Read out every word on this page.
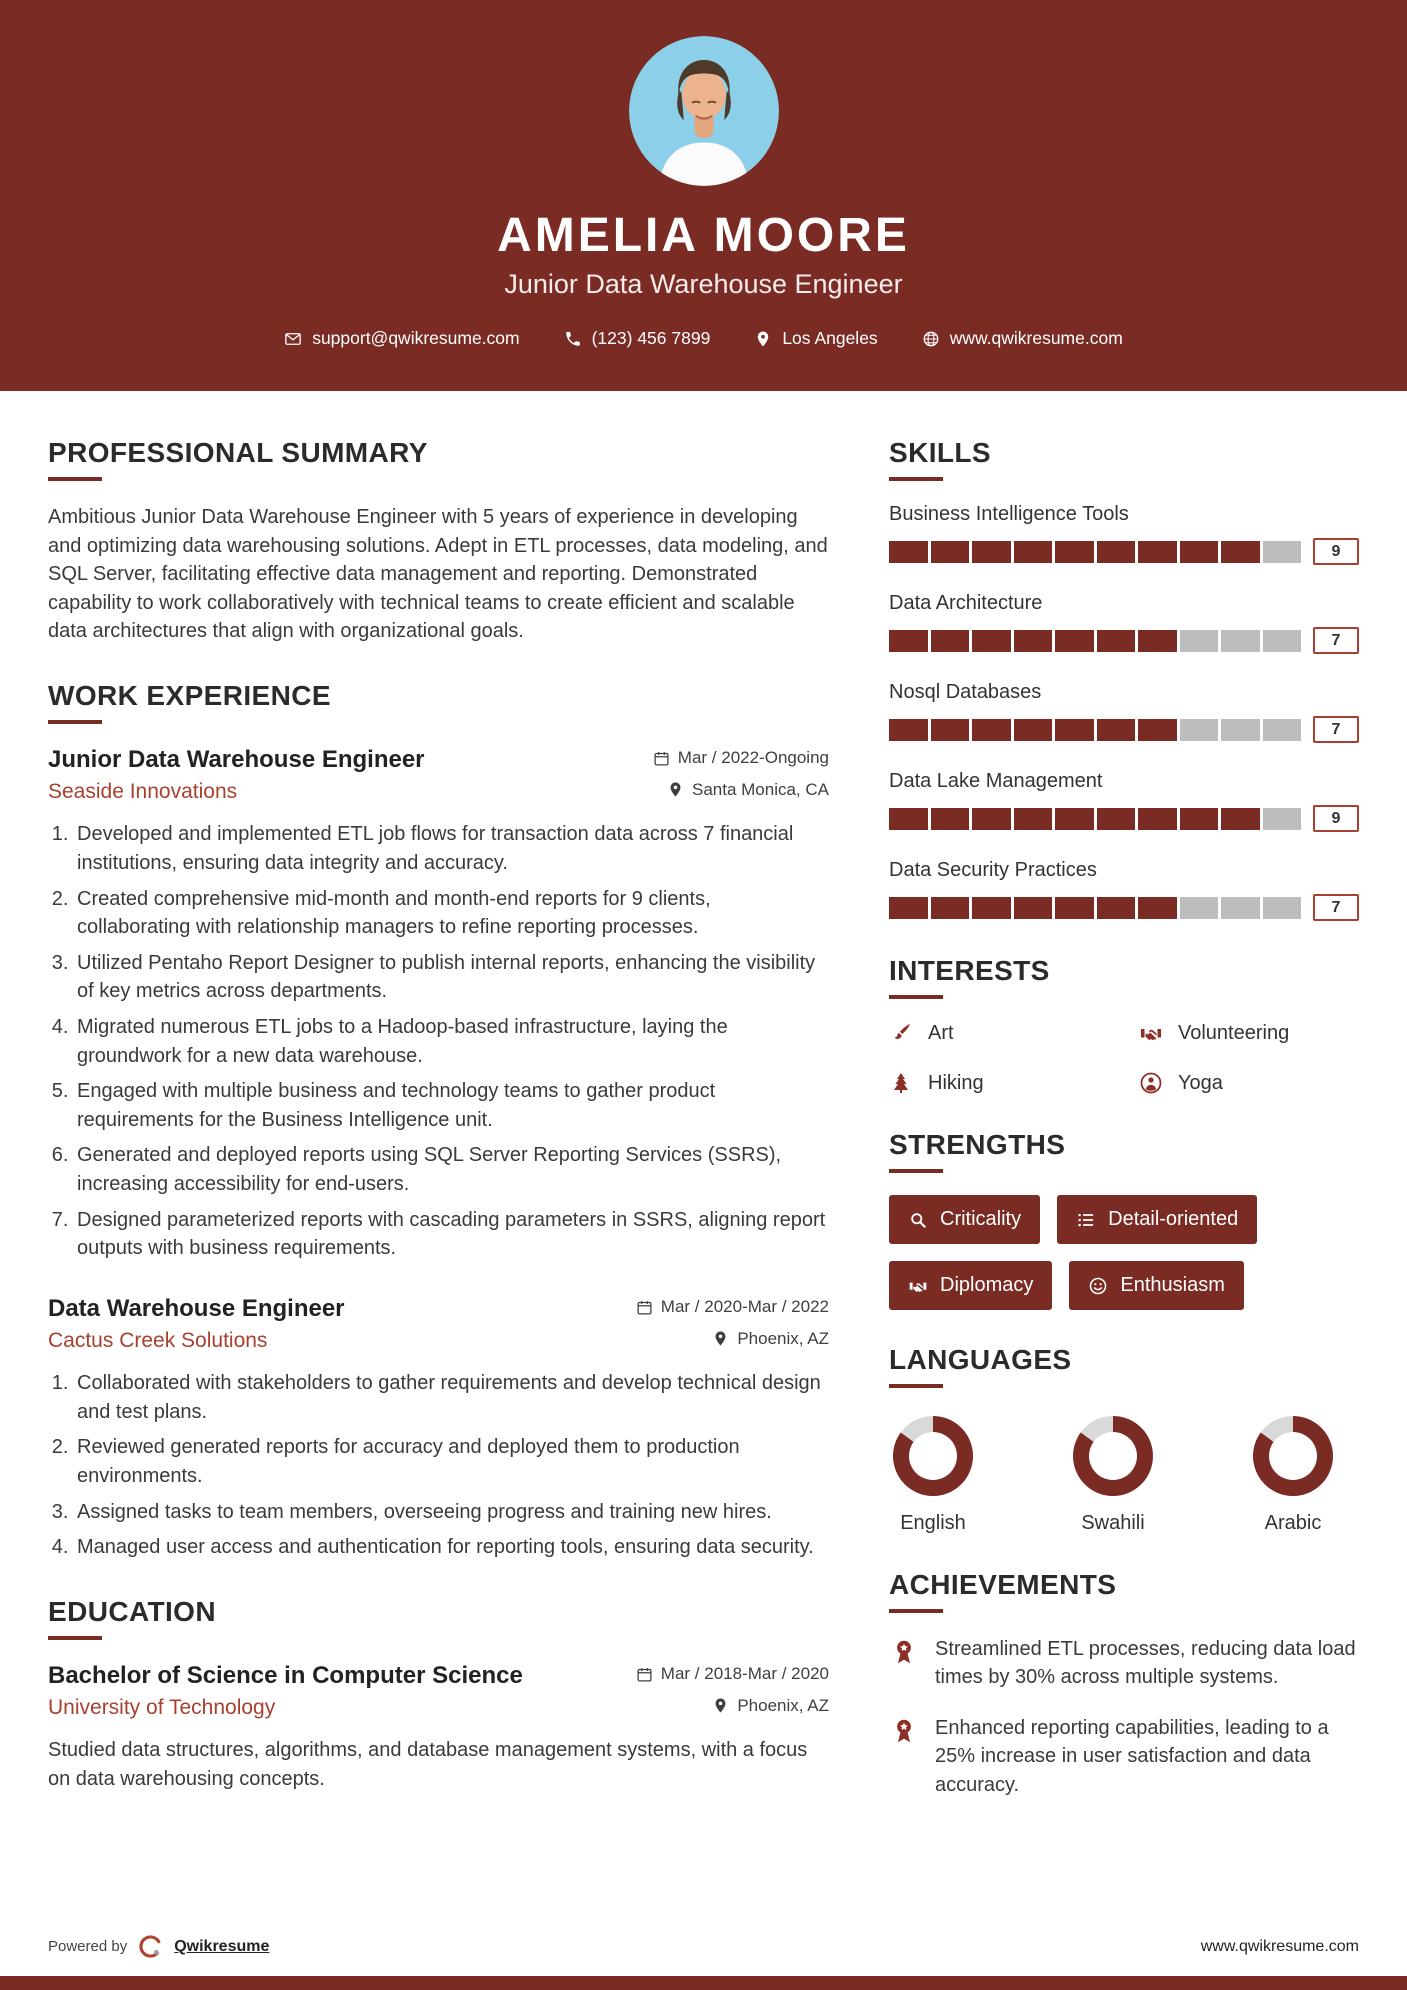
AMELIA MOORE
Junior Data Warehouse Engineer
support@qwikresume.com	(123) 456 7899	Los Angeles	www.qwikresume.com
PROFESSIONAL SUMMARY

Ambitious Junior Data Warehouse Engineer with 5 years of experience in developing and optimizing data warehousing solutions. Adept in ETL processes, data modeling, and SQL Server, facilitating effective data management and reporting. Demonstrated capability to work collaboratively with technical teams to create efficient and scalable data architectures that align with organizational goals.

WORK EXPERIENCE
Junior Data Warehouse Engineer	Mar / 2022-Ongoing
Seaside Innovations	Santa Monica, CA
1. Developed and implemented ETL job flows for transaction data across 7 financial institutions, ensuring data integrity and accuracy.
2. Created comprehensive mid-month and month-end reports for 9 clients, collaborating with relationship managers to refine reporting processes.
3. Utilized Pentaho Report Designer to publish internal reports, enhancing the visibility of key metrics across departments.
4. Migrated numerous ETL jobs to a Hadoop-based infrastructure, laying the groundwork for a new data warehouse.
5. Engaged with multiple business and technology teams to gather product requirements for the Business Intelligence unit.
6. Generated and deployed reports using SQL Server Reporting Services (SSRS), increasing accessibility for end-users.
7. Designed parameterized reports with cascading parameters in SSRS, aligning report outputs with business requirements.
Data Warehouse Engineer	Mar / 2020-Mar / 2022
Cactus Creek Solutions	Phoenix, AZ
1. Collaborated with stakeholders to gather requirements and develop technical design and test plans.
2. Reviewed generated reports for accuracy and deployed them to production environments.
3. Assigned tasks to team members, overseeing progress and training new hires.
4. Managed user access and authentication for reporting tools, ensuring data security.
EDUCATION
Bachelor of Science in Computer Science	Mar / 2018-Mar / 2020
University of Technology	Phoenix, AZ

Studied data structures, algorithms, and database management systems, with a focus on data warehousing concepts.

SKILLS
Business Intelligence Tools
9
Data Architecture
7
Nosql Databases
7
Data Lake Management
9
Data Security Practices
7
INTERESTS
Art	Volunteering
Hiking	Yoga
STRENGTHS
Criticality	Detail-oriented
Diplomacy	Enthusiasm
LANGUAGES
English	Swahili	Arabic
ACHIEVEMENTS

Streamlined ETL processes, reducing data load times by 30% across multiple systems.

Enhanced reporting capabilities, leading to a 25% increase in user satisfaction and data accuracy.

Powered by	Qwikresume	www.qwikresume.com
